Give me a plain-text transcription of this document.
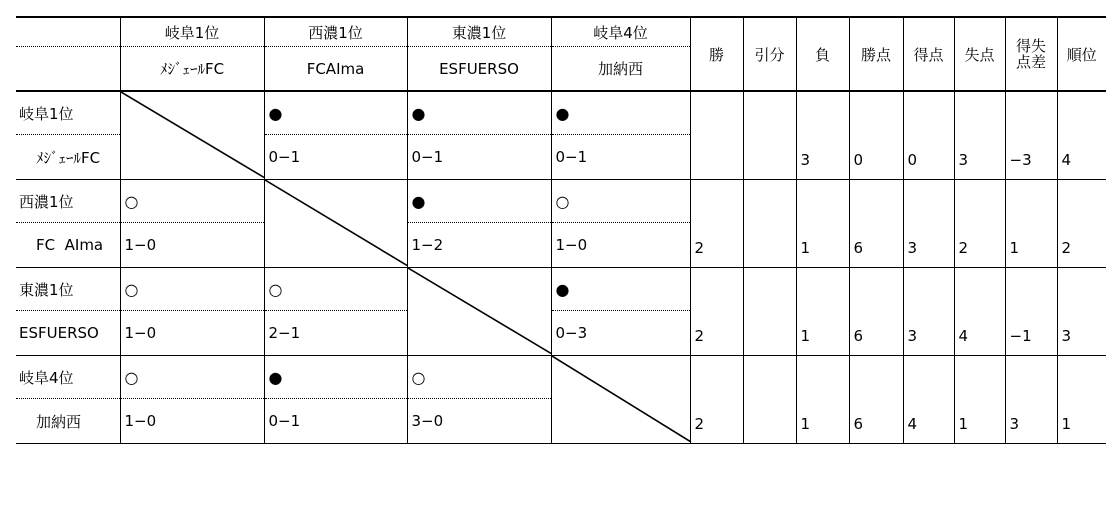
	岐阜1位	西濃1位	東濃1位	岐阜4位	勝	引分	負	勝点	得点	失点	得失
点差	順位
	ﾒｼﾞｪｰﾙFC	FCAIma	ESFUERSO	加納西								
岐阜1位		●	●	●			3	0	0	3	−3	4
ﾒｼﾞｪｰﾙFC		0−1	0−1	0−1								
西濃1位	○		●	○	2		1	6	3	2	1	2
FC  AIma	1−0		1−2	1−0								
東濃1位	○	○		●	2		1	6	3	4	−1	3
ESFUERSO	1−0	2−1		0−3								
岐阜4位	○	●	○		2		1	6	4	1	3	1
加納西	1−0	0−1	3−0									
